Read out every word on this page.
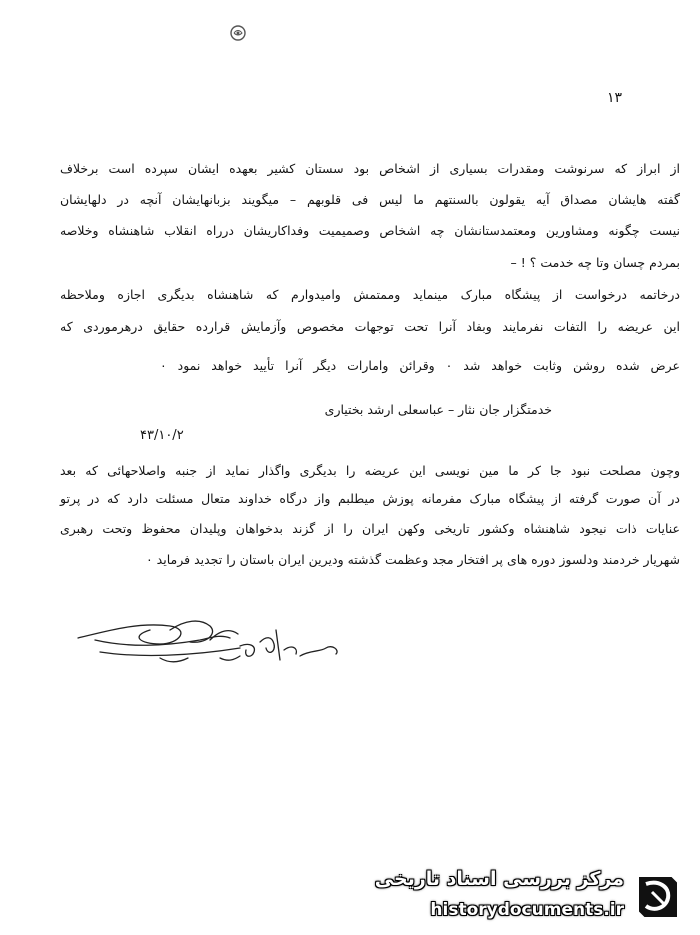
۱۳
از ابراز که سرنوشت ومقدرات بسیاری از اشخاص بود سستان کشیر بعهده ایشان سپرده است برخلاف
گفته هایشان مصداق آیه یقولون بالسنتهم ما لیس فی قلوبهم – میگویند بزبانهایشان آنچه در دلهایشان
نیست چگونه ومشاورین ومعتمدستانشان چه اشخاص وصمیمیت وفداکاریشان درراه انقلاب شاهنشاه وخلاصه
بمردم چسان وتا چه خدمت ؟ ! –
درخاتمه درخواست از پیشگاه مبارک مینماید وممتمش وامیدوارم که شاهنشاه بدیگری اجازه وملاحظه
این عریضه را التفات نفرمایند وبفاد آنرا تحت توجهات مخصوص وآزمایش قرارده حقایق درهرموردی که
عرض شده روشن وثابت خواهد شد ٠ وقرائن وامارات دیگر آنرا تأیید خواهد نمود ٠
خدمتگزار جان نثار – عباسعلی ارشد بختیاری
۴۳/۱۰/۲
وچون مصلحت نبود جا کر ما مین نویسی این عریضه را بدیگری واگذار نماید از جنبه واصلاحهائی که بعد
در آن صورت گرفته از پیشگاه مبارک مفرمانه پوزش میطلبم واز درگاه خداوند متعال مسئلت دارد که در پرتو
عنایات ذات نیجود شاهنشاه وکشور تاریخی وکهن ایران را از گزند بدخواهان وپلیدان محفوظ وتحت رهبری
شهریار خردمند ودلسوز دوره های پر افتخار مجد وعظمت گذشته ودیرین ایران باستان را تجدید فرماید ٠
مرکز بررسی اسناد تاریخی
historydocuments.ir
